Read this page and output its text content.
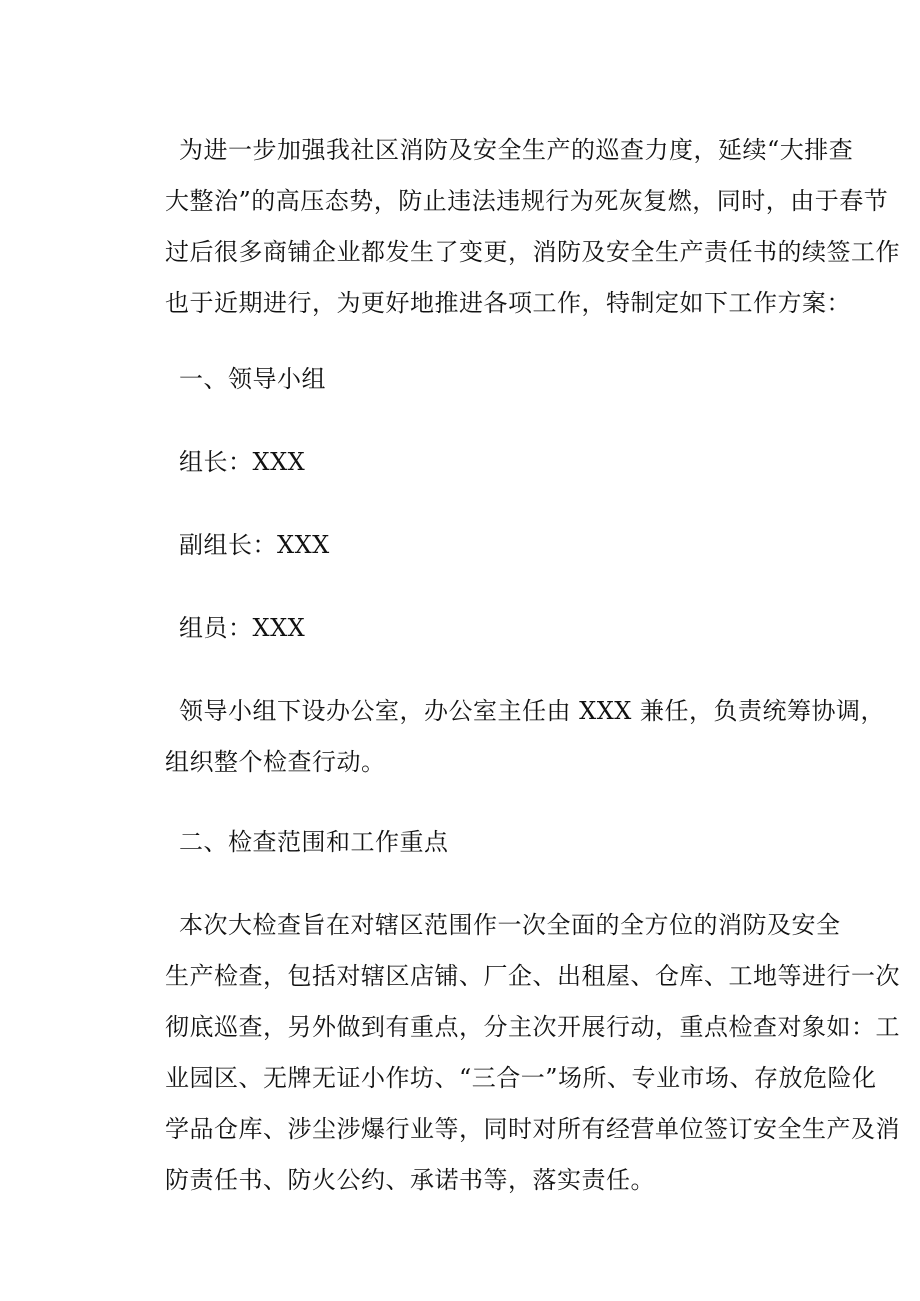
为进一步加强我社区消防及安全生产的巡查力度，延续“大排查
大整治”的高压态势，防止违法违规行为死灰复燃，同时，由于春节
过后很多商铺企业都发生了变更，消防及安全生产责任书的续签工作
也于近期进行，为更好地推进各项工作，特制定如下工作方案：
一、领导小组
组长：XXX
副组长：XXX
组员：XXX
领导小组下设办公室，办公室主任由 XXX 兼任，负责统筹协调，
组织整个检查行动。
二、检查范围和工作重点
本次大检查旨在对辖区范围作一次全面的全方位的消防及安全
生产检查，包括对辖区店铺、厂企、出租屋、仓库、工地等进行一次
彻底巡查，另外做到有重点，分主次开展行动，重点检查对象如：工
业园区、无牌无证小作坊、“三合一”场所、专业市场、存放危险化
学品仓库、涉尘涉爆行业等，同时对所有经营单位签订安全生产及消
防责任书、防火公约、承诺书等，落实责任。
